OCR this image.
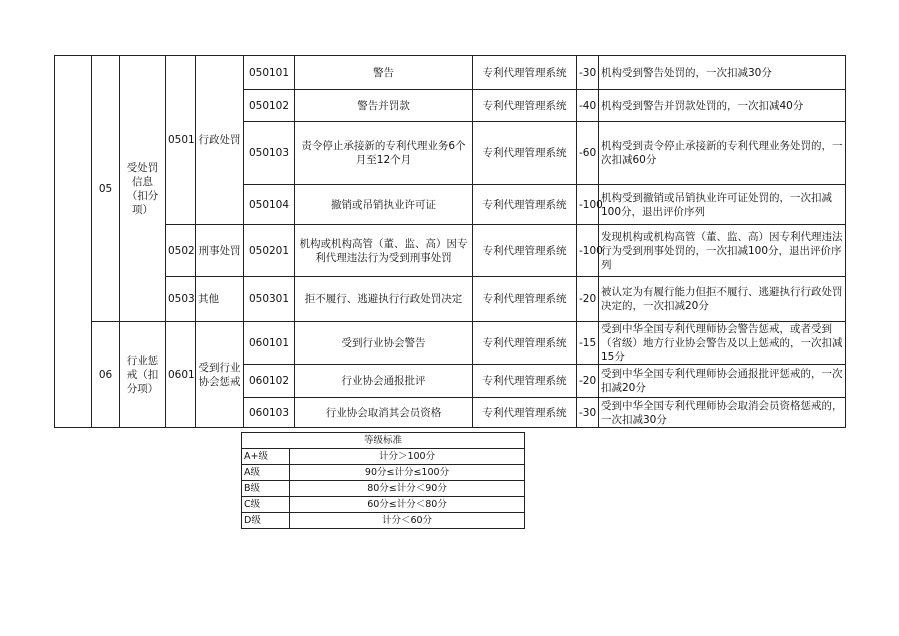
	05	受处罚信息（扣分项）	0501	行政处罚	050101	警告	专利代理管理系统	-30	机构受到警告处罚的，一次扣减30分
					050102	警告并罚款	专利代理管理系统	-40	机构受到警告并罚款处罚的，一次扣减40分
					050103	责令停止承接新的专利代理业务6个月至12个月	专利代理管理系统	-60	机构受到责令停止承接新的专利代理业务处罚的，一次扣减60分
					050104	撤销或吊销执业许可证	专利代理管理系统	-100	机构受到撤销或吊销执业许可证处罚的，一次扣减100分，退出评价序列
			0502	刑事处罚	050201	机构或机构高管（董、监、高）因专利代理违法行为受到刑事处罚	专利代理管理系统	-100	发现机构或机构高管（董、监、高）因专利代理违法行为受到刑事处罚的，一次扣减100分，退出评价序列
			0503	其他	050301	拒不履行、逃避执行行政处罚决定	专利代理管理系统	-20	被认定为有履行能力但拒不履行、逃避执行行政处罚决定的，一次扣减20分
	06	行业惩戒（扣分项）	0601	受到行业协会惩戒	060101	受到行业协会警告	专利代理管理系统	-15	受到中华全国专利代理师协会警告惩戒，或者受到（省级）地方行业协会警告及以上惩戒的，一次扣减15分
					060102	行业协会通报批评	专利代理管理系统	-20	受到中华全国专利代理师协会通报批评惩戒的，一次扣减20分
					060103	行业协会取消其会员资格	专利代理管理系统	-30	受到中华全国专利代理师协会取消会员资格惩戒的，一次扣减30分
等级标准	
A+级	计分＞100分
A级	90分≤计分≤100分
B级	80分≤计分＜90分
C级	60分≤计分＜80分
D级	计分＜60分
